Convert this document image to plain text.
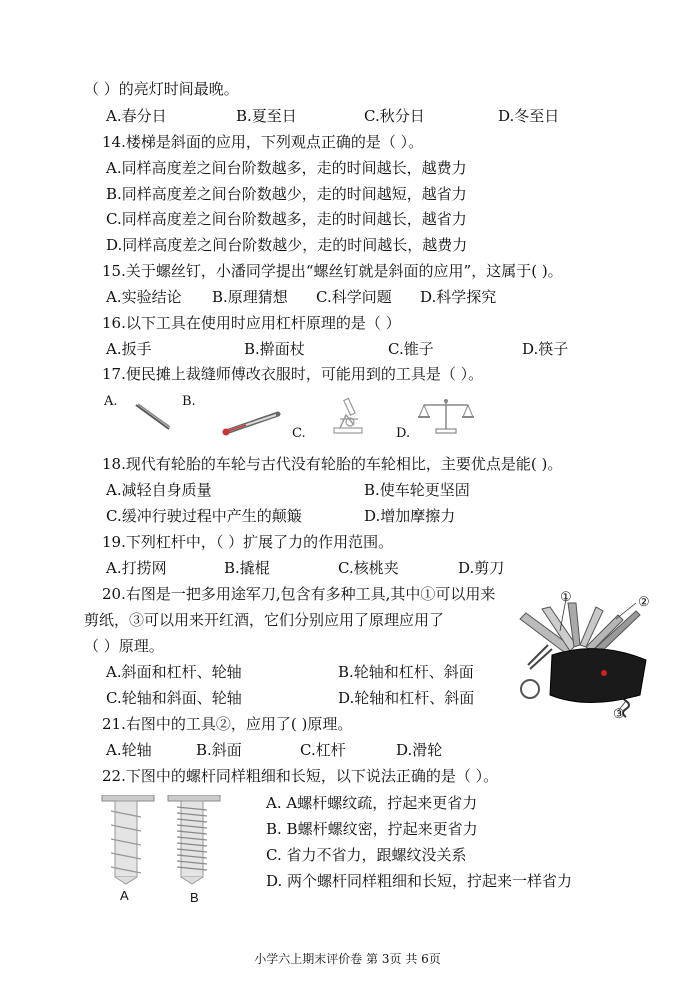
（ ）的亮灯时间最晚。
A.春分日	B.夏至日	C.秋分日	D.冬至日
14.楼梯是斜面的应用，下列观点正确的是（ ）。
A.同样高度差之间台阶数越多，走的时间越长，越费力
B.同样高度差之间台阶数越少，走的时间越短，越省力
C.同样高度差之间台阶数越多，走的时间越长，越省力
D.同样高度差之间台阶数越少，走的时间越长，越费力
15.关于螺丝钉，小潘同学提出“螺丝钉就是斜面的应用”，这属于( )。
A.实验结论 B.原理猜想 C.科学问题 D.科学探究
16.以下工具在使用时应用杠杆原理的是（ ）
A.扳手	B.擀面杖	C.锥子	D.筷子
17.便民摊上裁缝师傅改衣服时，可能用到的工具是（ ）。
A.	B.
C.	D.
18.现代有轮胎的车轮与古代没有轮胎的车轮相比，主要优点是能( )。
A.减轻自身质量	B.使车轮更坚固
C.缓冲行驶过程中产生的颠簸	D.增加摩擦力
19.下列杠杆中，（ ）扩展了力的作用范围。
A.打捞网	B.撬棍	C.核桃夹	D.剪刀
20.右图是一把多用途军刀,包含有多种工具,其中①可以用来
剪纸，③可以用来开红酒，它们分别应用了原理应用了
（ ）原理。
A.斜面和杠杆、轮轴	B.轮轴和杠杆、斜面
C.轮轴和斜面、轮轴	D.轮轴和杠杆、斜面
①	②
③
21.右图中的工具②，应用了( )原理。
A.轮轴	B.斜面	C.杠杆	D.滑轮
22.下图中的螺杆同样粗细和长短，以下说法正确的是（ ）。
A. A螺杆螺纹疏，拧起来更省力
B. B螺杆螺纹密，拧起来更省力
C. 省力不省力，跟螺纹没关系
D. 两个螺杆同样粗细和长短，拧起来一样省力
A	B
小学六上期末评价卷 第 3页 共 6页
